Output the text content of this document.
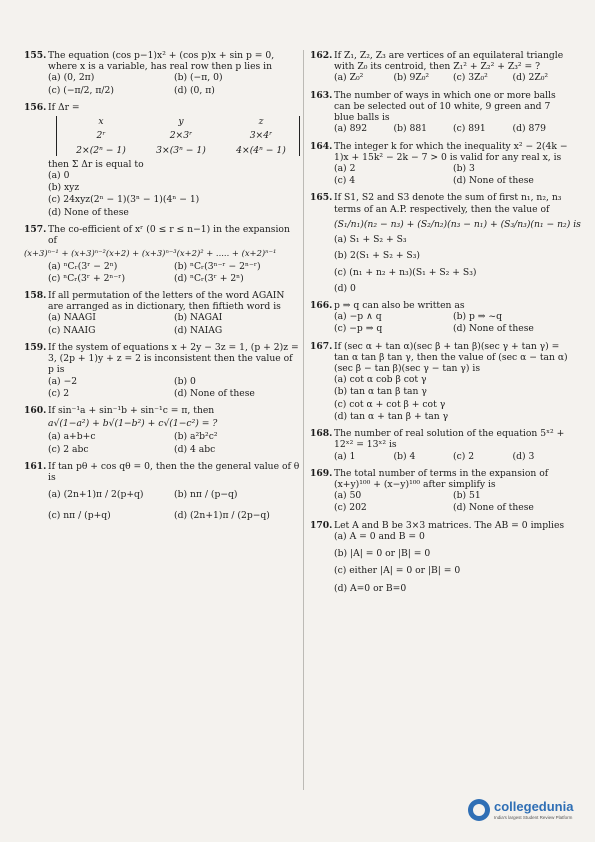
155. The equation (cos p−1)x² + (cos p)x + sin p = 0, where x is a variable, has real row then p lies in
(a) (0, 2π)	(b) (−π, 0)
(c) (−π/2, π/2)	(d) (0, π)
156. If Δr =
x	y	z
2ʳ	2×3ʳ	3×4ʳ
2×(2ⁿ − 1)	3×(3ⁿ − 1)	4×(4ⁿ − 1)
then Σ Δr is equal to
(a) 0
(b) xyz
(c) 24xyz(2ⁿ − 1)(3ⁿ − 1)(4ⁿ − 1)
(d) None of these
157. The co-efficient of xʳ (0 ≤ r ≤ n−1) in the expansion of
(x+3)ⁿ⁻¹ + (x+3)ⁿ⁻²(x+2) + (x+3)ⁿ⁻³(x+2)² + ..... + (x+2)ⁿ⁻¹
(a) ⁿCᵣ(3ʳ − 2ⁿ)	(b) ⁿCᵣ(3ⁿ⁻ʳ − 2ⁿ⁻ʳ)
(c) ⁿCᵣ(3ʳ + 2ⁿ⁻ʳ)	(d) ⁿCᵣ(3ʳ + 2ⁿ)
158. If all permutation of the letters of the word AGAIN are arranged as in dictionary, then fiftieth word is
(a) NAAGI	(b) NAGAI
(c) NAAIG	(d) NAIAG
159. If the system of equations x + 2y − 3z = 1, (p + 2)z = 3, (2p + 1)y + z = 2 is inconsistent then the value of p is
(a) −2	(b) 0
(c) 2	(d) None of these
160. If sin⁻¹a + sin⁻¹b + sin⁻¹c = π, then
a√(1−a²) + b√(1−b²) + c√(1−c²) = ?
(a) a+b+c	(b) a²b²c²
(c) 2 abc	(d) 4 abc
161. If tan pθ + cos qθ = 0, then the the general value of θ is
(a) (2n+1)π / 2(p+q)	(b) nπ / (p−q)
(c) nπ / (p+q)	(d) (2n+1)π / (2p−q)
162. If Z₁, Z₂, Z₃ are vertices of an equilateral triangle with Z₀ its centroid, then Z₁² + Z₂² + Z₃² = ?
(a) Z₀²	(b) 9Z₀²	(c) 3Z₀²	(d) 2Z₀²
163. The number of ways in which one or more balls can be selected out of 10 white, 9 green and 7 blue balls is
(a) 892	(b) 881	(c) 891	(d) 879
164. The integer k for which the inequality x² − 2(4k − 1)x + 15k² − 2k − 7 > 0 is valid for any real x, is
(a) 2	(b) 3
(c) 4	(d) None of these
165. If S1, S2 and S3 denote the sum of first n₁, n₂, n₃ terms of an A.P. respectively, then the value of
(S₁/n₁)(n₂ − n₃) + (S₂/n₂)(n₃ − n₁) + (S₃/n₃)(n₁ − n₂) is
(a) S₁ + S₂ + S₃
(b) 2(S₁ + S₂ + S₃)
(c) (n₁ + n₂ + n₃)(S₁ + S₂ + S₃)
(d) 0
166. p ⇒ q can also be written as
(a) −p ∧ q	(b) p ⇒ ~q
(c) −p ⇒ q	(d) None of these
167. If (sec α + tan α)(sec β + tan β)(sec γ + tan γ) = tan α tan β tan γ, then the value of (sec α − tan α)(sec β − tan β)(sec γ − tan γ) is
(a) cot α cob β cot γ
(b) tan α tan β tan γ
(c) cot α + cot β + cot γ
(d) tan α + tan β + tan γ
168. The number of real solution of the equation 5ˣ² + 12ˣ² = 13ˣ² is
(a) 1	(b) 4	(c) 2	(d) 3
169. The total number of terms in the expansion of (x+y)¹⁰⁰ + (x−y)¹⁰⁰ after simplify is
(a) 50	(b) 51
(c) 202	(d) None of these
170. Let A and B be 3×3 matrices. The AB = 0 implies
(a) A = 0 and B = 0
(b) |A| = 0 or |B| = 0
(c) either |A| = 0 or |B| = 0
(d) A=0 or B=0
collegedunia
India's largest Student Review Platform
